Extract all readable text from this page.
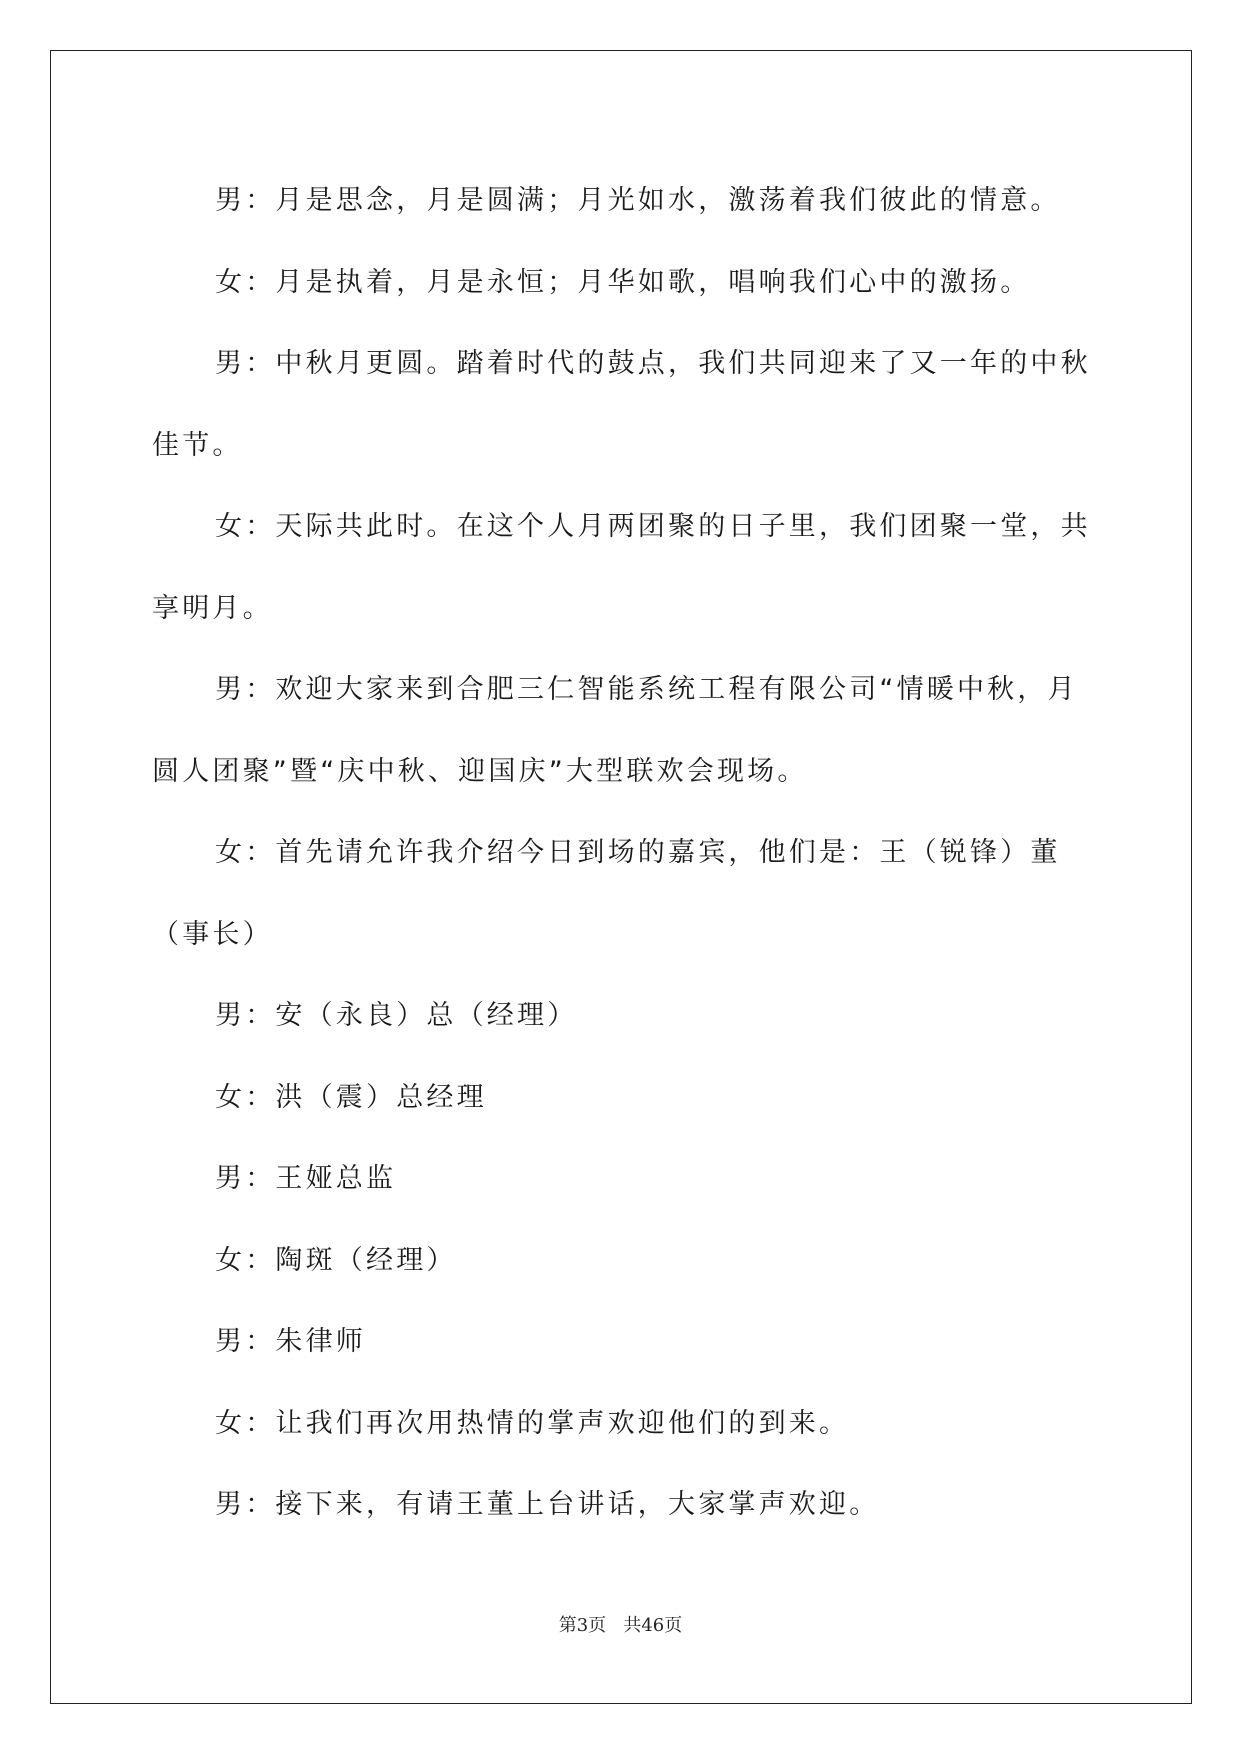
男：月是思念，月是圆满；月光如水，激荡着我们彼此的情意。

女：月是执着，月是永恒；月华如歌，唱响我们心中的激扬。

男：中秋月更圆。踏着时代的鼓点，我们共同迎来了又一年的中秋佳节。

女：天际共此时。在这个人月两团聚的日子里，我们团聚一堂，共享明月。

男：欢迎大家来到合肥三仁智能系统工程有限公司“情暖中秋，月圆人团聚”暨“庆中秋、迎国庆”大型联欢会现场。

女：首先请允许我介绍今日到场的嘉宾，他们是：王（锐锋）董（事长）

男：安（永良）总（经理）

女：洪（震）总经理

男：王娅总监

女：陶斑（经理）

男：朱律师

女：让我们再次用热情的掌声欢迎他们的到来。

男：接下来，有请王董上台讲话，大家掌声欢迎。

第3页 共46页
